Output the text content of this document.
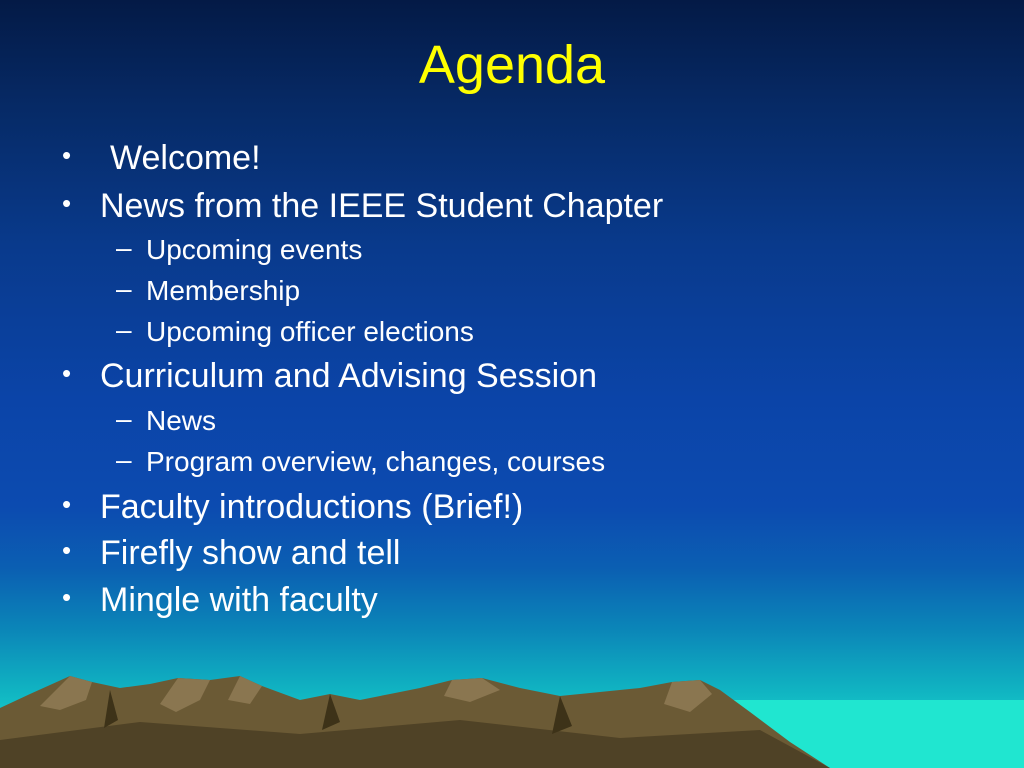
Agenda
• Welcome!
• News from the IEEE Student Chapter
– Upcoming events
– Membership
– Upcoming officer elections
• Curriculum and Advising Session
– News
– Program overview, changes, courses
• Faculty introductions (Brief!)
• Firefly show and tell
• Mingle with faculty
